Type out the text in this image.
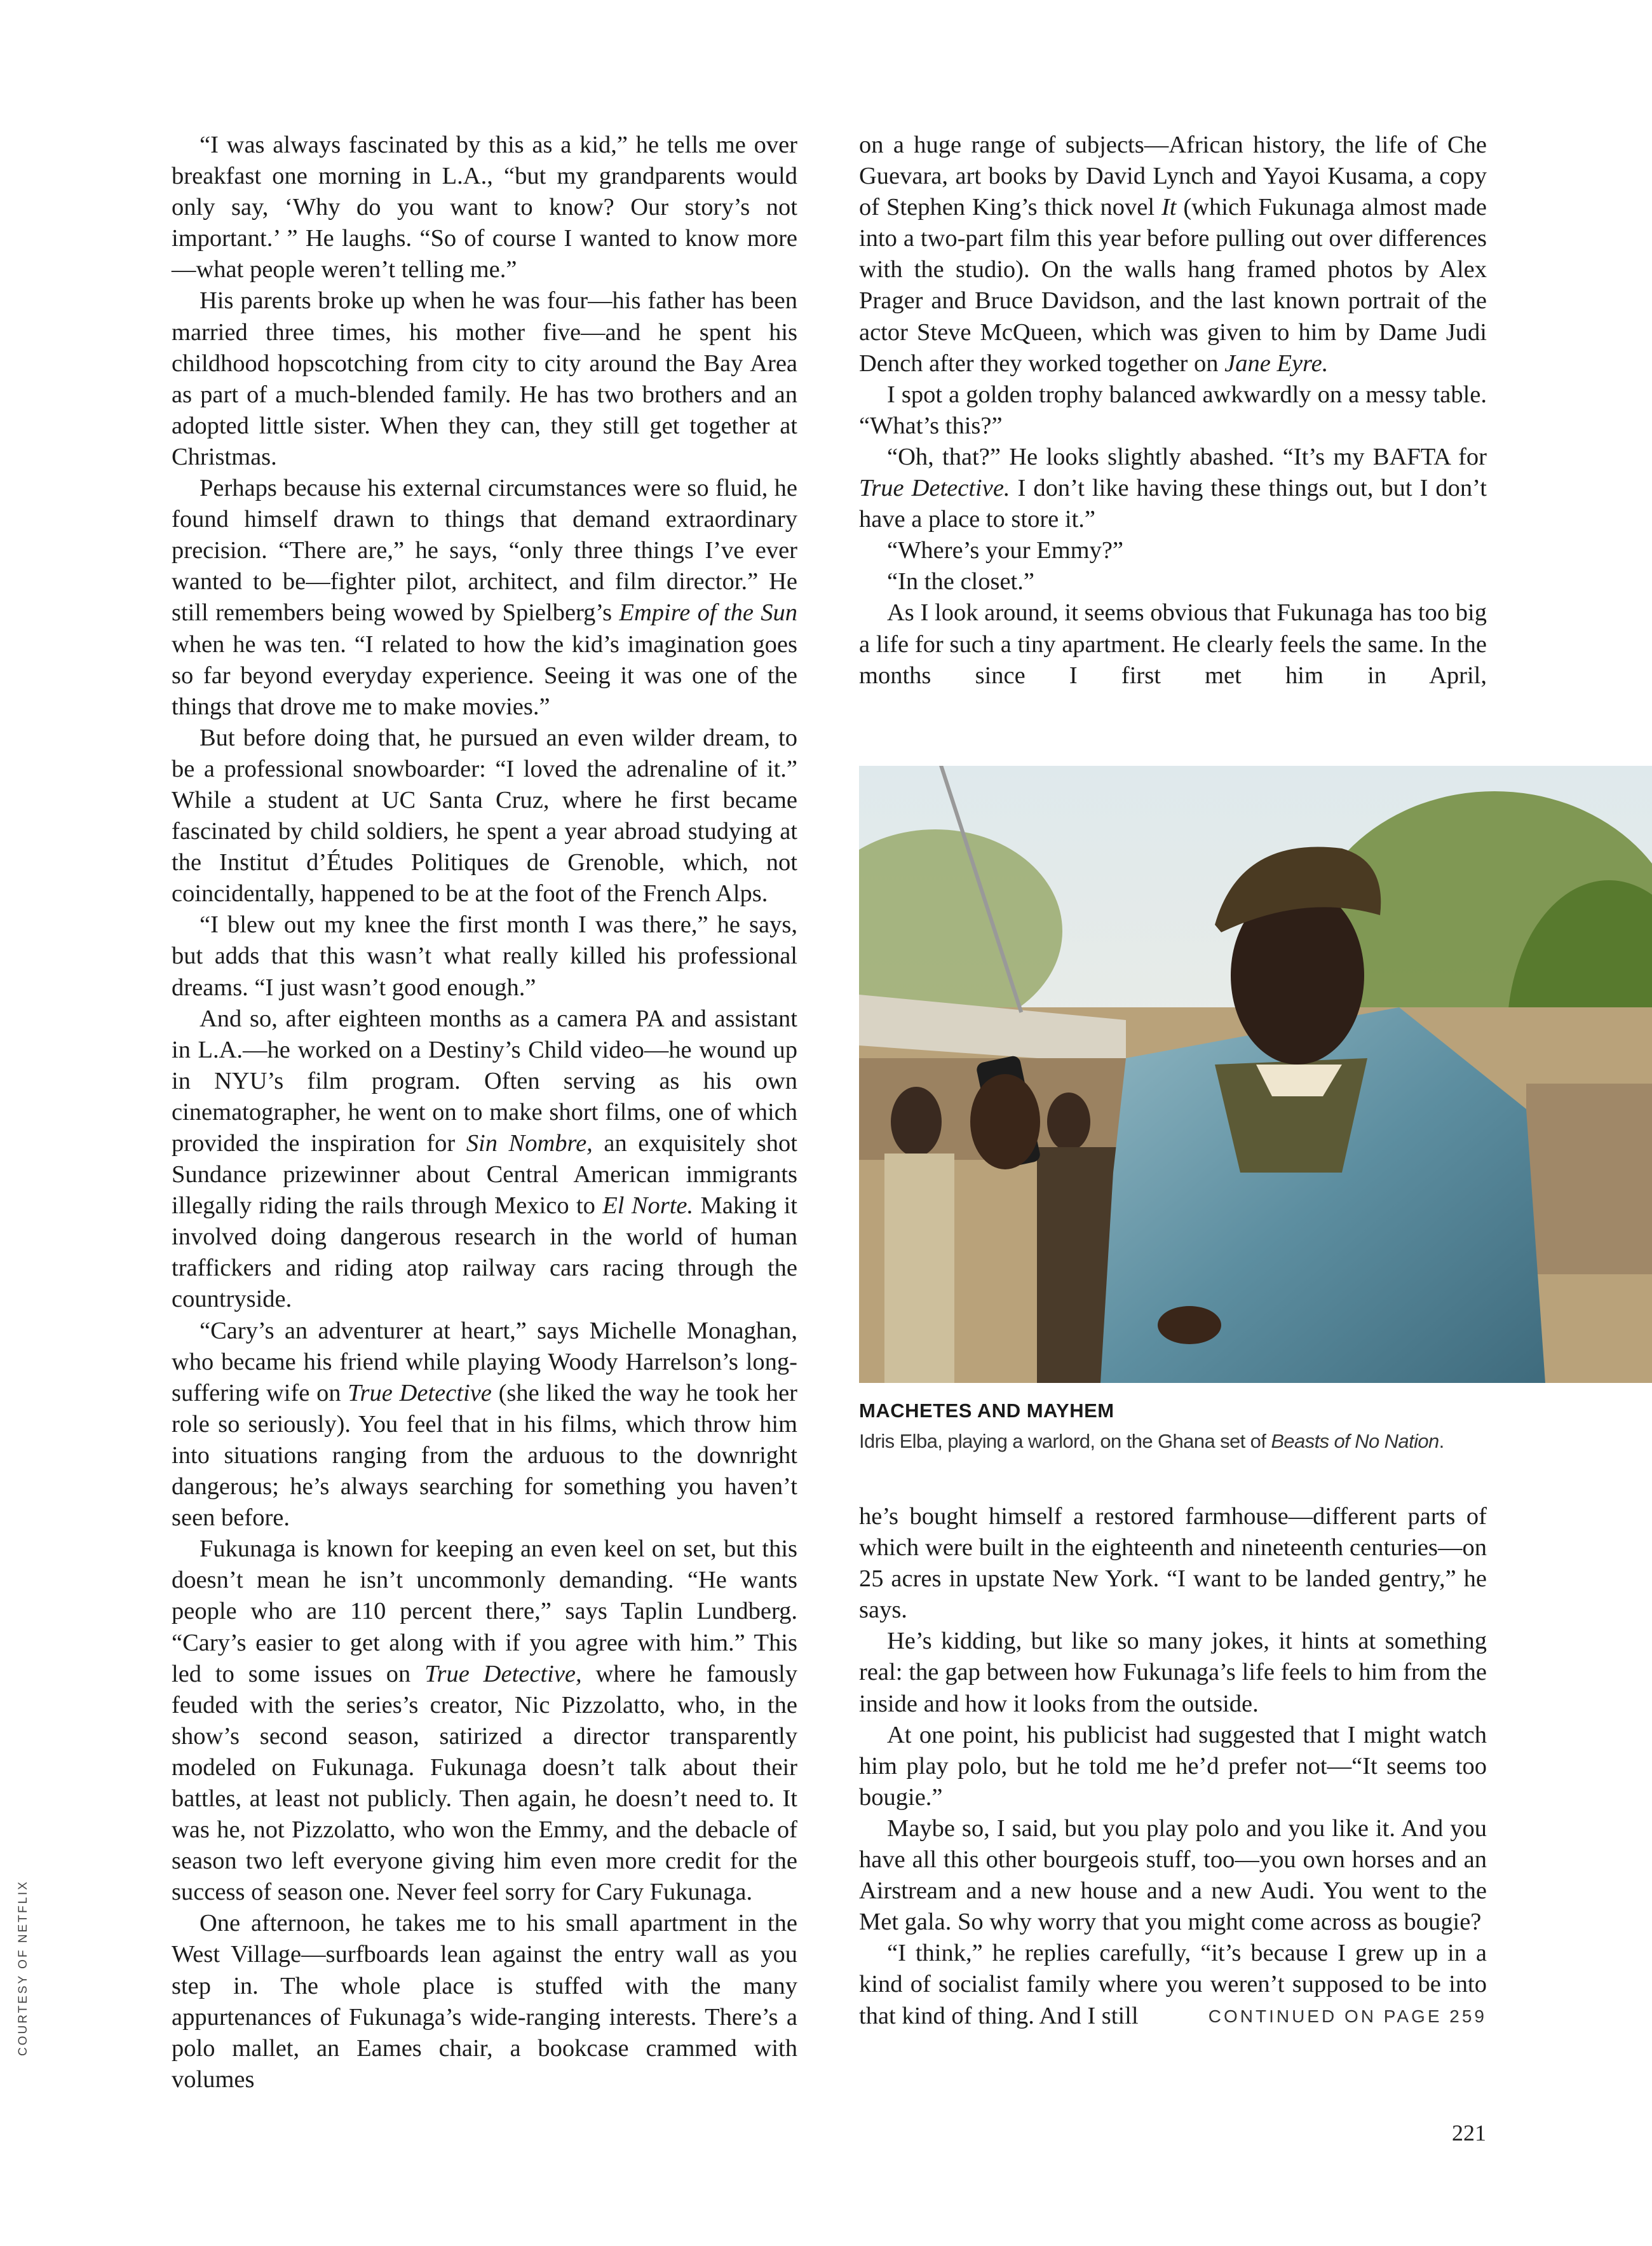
“I was always fascinated by this as a kid,” he tells me over breakfast one morning in L.A., “but my grandparents would only say, ‘Why do you want to know? Our story’s not important.’ ” He laughs. “So of course I wanted to know more—what people weren’t telling me.”

His parents broke up when he was four—his father has been married three times, his mother five—and he spent his childhood hopscotching from city to city around the Bay Area as part of a much-blended family. He has two brothers and an adopted little sister. When they can, they still get together at Christmas.

Perhaps because his external circumstances were so fluid, he found himself drawn to things that demand extraordinary precision. “There are,” he says, “only three things I’ve ever wanted to be—fighter pilot, architect, and film director.” He still remembers being wowed by Spielberg’s Empire of the Sun when he was ten. “I related to how the kid’s imagination goes so far beyond everyday experience. Seeing it was one of the things that drove me to make movies.”

But before doing that, he pursued an even wilder dream, to be a professional snowboarder: “I loved the adrenaline of it.” While a student at UC Santa Cruz, where he first became fascinated by child soldiers, he spent a year abroad studying at the Institut d’Études Politiques de Grenoble, which, not coincidentally, happened to be at the foot of the French Alps.

“I blew out my knee the first month I was there,” he says, but adds that this wasn’t what really killed his professional dreams. “I just wasn’t good enough.”

And so, after eighteen months as a camera PA and assistant in L.A.—he worked on a Destiny’s Child video—he wound up in NYU’s film program. Often serving as his own cinematographer, he went on to make short films, one of which provided the inspiration for Sin Nombre, an exquisitely shot Sundance prizewinner about Central American immigrants illegally riding the rails through Mexico to El Norte. Making it involved doing dangerous research in the world of human traffickers and riding atop railway cars racing through the countryside.

“Cary’s an adventurer at heart,” says Michelle Monaghan, who became his friend while playing Woody Harrelson’s long-suffering wife on True Detective (she liked the way he took her role so seriously). You feel that in his films, which throw him into situations ranging from the arduous to the downright dangerous; he’s always searching for something you haven’t seen before.

Fukunaga is known for keeping an even keel on set, but this doesn’t mean he isn’t uncommonly demanding. “He wants people who are 110 percent there,” says Taplin Lundberg. “Cary’s easier to get along with if you agree with him.” This led to some issues on True Detective, where he famously feuded with the series’s creator, Nic Pizzolatto, who, in the show’s second season, satirized a director transparently modeled on Fukunaga. Fukunaga doesn’t talk about their battles, at least not publicly. Then again, he doesn’t need to. It was he, not Pizzolatto, who won the Emmy, and the debacle of season two left everyone giving him even more credit for the success of season one. Never feel sorry for Cary Fukunaga.

One afternoon, he takes me to his small apartment in the West Village—surfboards lean against the entry wall as you step in. The whole place is stuffed with the many appurtenances of Fukunaga’s wide-ranging interests. There’s a polo mallet, an Eames chair, a bookcase crammed with volumes

on a huge range of subjects—African history, the life of Che Guevara, art books by David Lynch and Yayoi Kusama, a copy of Stephen King’s thick novel It (which Fukunaga almost made into a two-part film this year before pulling out over differences with the studio). On the walls hang framed photos by Alex Prager and Bruce Davidson, and the last known portrait of the actor Steve McQueen, which was given to him by Dame Judi Dench after they worked together on Jane Eyre.

I spot a golden trophy balanced awkwardly on a messy table. “What’s this?”

“Oh, that?” He looks slightly abashed. “It’s my BAFTA for True Detective. I don’t like having these things out, but I don’t have a place to store it.”

“Where’s your Emmy?”

“In the closet.”

As I look around, it seems obvious that Fukunaga has too big a life for such a tiny apartment. He clearly feels the same. In the months since I first met him in April,

MACHETES AND MAYHEM
Idris Elba, playing a warlord, on the Ghana set of Beasts of No Nation.

he’s bought himself a restored farmhouse—different parts of which were built in the eighteenth and nineteenth centuries—on 25 acres in upstate New York. “I want to be landed gentry,” he says.

He’s kidding, but like so many jokes, it hints at something real: the gap between how Fukunaga’s life feels to him from the inside and how it looks from the outside.

At one point, his publicist had suggested that I might watch him play polo, but he told me he’d prefer not—“It seems too bougie.”

Maybe so, I said, but you play polo and you like it. And you have all this other bourgeois stuff, too—you own horses and an Airstream and a new house and a new Audi. You went to the Met gala. So why worry that you might come across as bougie?

“I think,” he replies carefully, “it’s because I grew up in a kind of socialist family where you weren’t supposed to be into that kind of thing. And I still	CONTINUED ON PAGE 259

COURTESY OF NETFLIX
221
